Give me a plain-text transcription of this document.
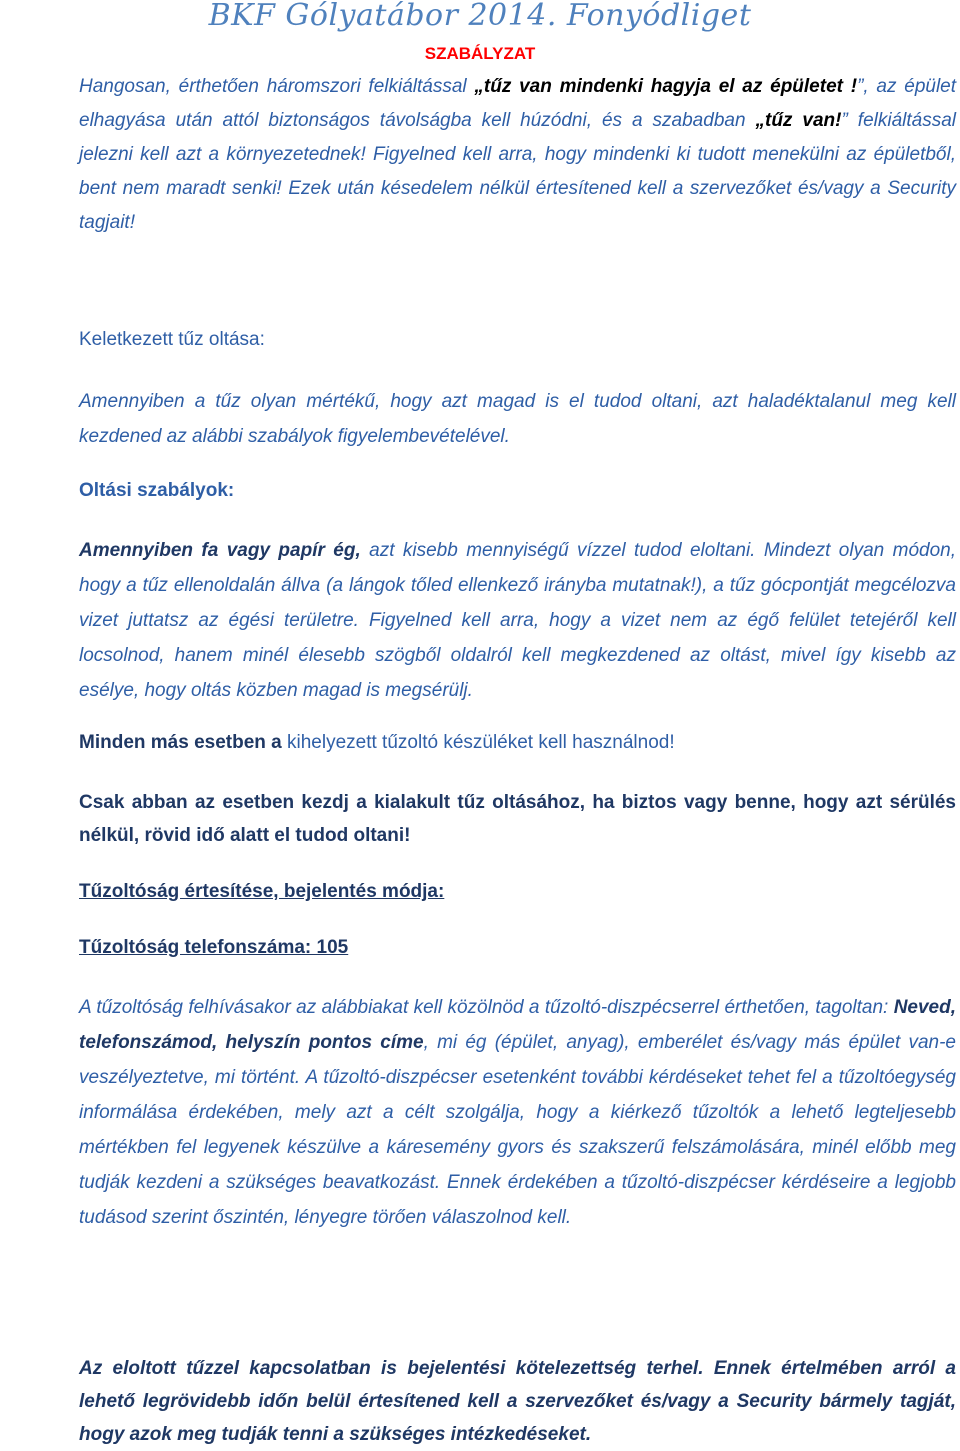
BKF Gólyatábor 2014. Fonyódliget
SZABÁLYZAT
Hangosan, érthetően háromszori felkiáltással „tűz van mindenki hagyja el az épületet !”, az épület elhagyása után attól biztonságos távolságba kell húzódni, és a szabadban „tűz van!” felkiáltással jelezni kell azt a környezetednek! Figyelned kell arra, hogy mindenki ki tudott menekülni az épületből, bent nem maradt senki! Ezek után késedelem nélkül értesítened kell a szervezőket és/vagy a Security tagjait!
Keletkezett tűz oltása:
Amennyiben a tűz olyan mértékű, hogy azt magad is el tudod oltani, azt haladéktalanul meg kell kezdened az alábbi szabályok figyelembevételével.
Oltási szabályok:
Amennyiben fa vagy papír ég, azt kisebb mennyiségű vízzel tudod eloltani. Mindezt olyan módon, hogy a tűz ellenoldalán állva (a lángok tőled ellenkező irányba mutatnak!), a tűz gócpontját megcélozva vizet juttatsz az égési területre. Figyelned kell arra, hogy a vizet nem az égő felület tetejéről kell locsolnod, hanem minél élesebb szögből oldalról kell megkezdened az oltást, mivel így kisebb az esélye, hogy oltás közben magad is megsérülj.
Minden más esetben a kihelyezett tűzoltó készüléket kell használnod!
Csak abban az esetben kezdj a kialakult tűz oltásához, ha biztos vagy benne, hogy azt sérülés nélkül, rövid idő alatt el tudod oltani!
Tűzoltóság értesítése, bejelentés módja:
Tűzoltóság telefonszáma: 105
A tűzoltóság felhívásakor az alábbiakat kell közölnöd a tűzoltó-diszpécserrel érthetően, tagoltan: Neved, telefonszámod, helyszín pontos címe, mi ég (épület, anyag), emberélet és/vagy más épület van-e veszélyeztetve, mi történt. A tűzoltó-diszpécser esetenként további kérdéseket tehet fel a tűzoltóegység informálása érdekében, mely azt a célt szolgálja, hogy a kiérkező tűzoltók a lehető legteljesebb mértékben fel legyenek készülve a káresemény gyors és szakszerű felszámolására, minél előbb meg tudják kezdeni a szükséges beavatkozást. Ennek érdekében a tűzoltó-diszpécser kérdéseire a legjobb tudásod szerint őszintén, lényegre törően válaszolnod kell.
Az eloltott tűzzel kapcsolatban is bejelentési kötelezettség terhel. Ennek értelmében arról a lehető legrövidebb időn belül értesítened kell a szervezőket és/vagy a Security bármely tagját, hogy azok meg tudják tenni a szükséges intézkedéseket.
